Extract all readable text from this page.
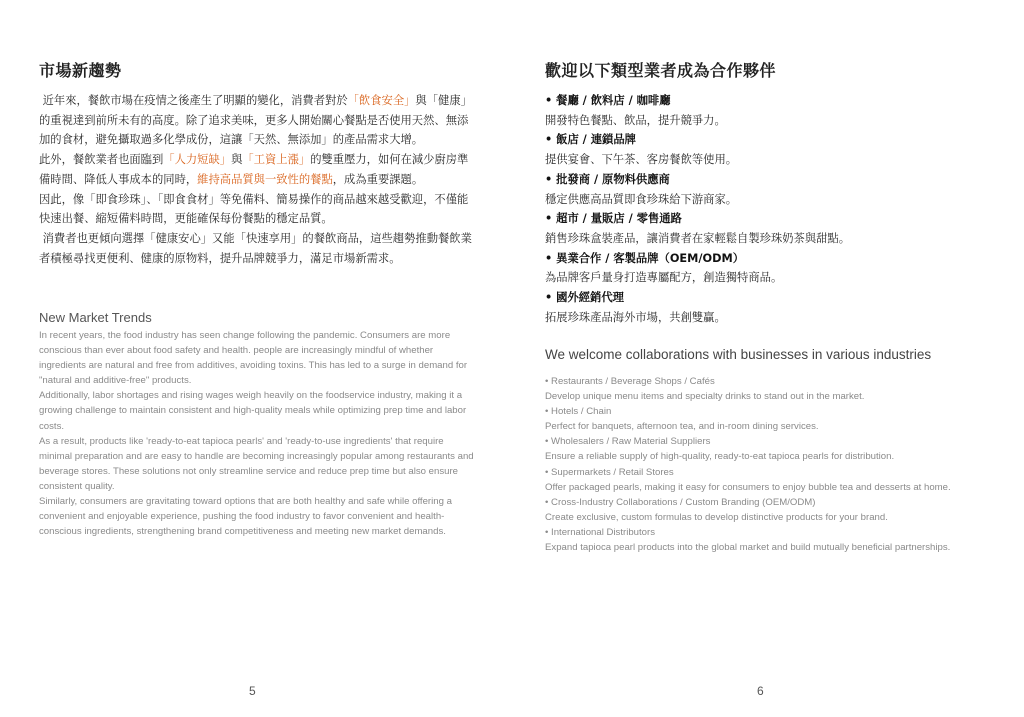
市場新趨勢

近年來，餐飲市場在疫情之後產生了明顯的變化，消費者對於「飲食安全」與「健康」的重視達到前所未有的高度。除了追求美味，更多人開始關心餐點是否使用天然、無添加的食材，避免攝取過多化學成份，這讓「天然、無添加」的產品需求大增。

此外，餐飲業者也面臨到「人力短缺」與「工資上漲」的雙重壓力，如何在減少廚房準備時間、降低人事成本的同時，維持高品質與一致性的餐點，成為重要課題。

因此，像「即食珍珠」、「即食食材」等免備料、簡易操作的商品越來越受歡迎，不僅能快速出餐、縮短備料時間，更能確保每份餐點的穩定品質。

消費者也更傾向選擇「健康安心」又能「快速享用」的餐飲商品，這些趨勢推動餐飲業者積極尋找更便利、健康的原物料，提升品牌競爭力，滿足市場新需求。

New Market Trends

In recent years, the food industry has seen change following the pandemic. Consumers are more conscious than ever about food safety and health. people are increasingly mindful of whether ingredients are natural and free from additives, avoiding toxins. This has led to a surge in demand for "natural and additive-free" products.

Additionally, labor shortages and rising wages weigh heavily on the foodservice industry, making it a growing challenge to maintain consistent and high-quality meals while optimizing prep time and labor costs.

As a result, products like 'ready-to-eat tapioca pearls' and 'ready-to-use ingredients' that require minimal preparation and are easy to handle are becoming increasingly popular among restaurants and beverage stores. These solutions not only streamline service and reduce prep time but also ensure consistent quality.

Similarly, consumers are gravitating toward options that are both healthy and safe while offering a convenient and enjoyable experience, pushing the food industry to favor convenient and health-conscious ingredients, strengthening brand competitiveness and meeting new market demands.

5
歡迎以下類型業者成為合作夥伴
• 餐廳 / 飲料店 / 咖啡廳
開發特色餐點、飲品，提升競爭力。
• 飯店 / 連鎖品牌
提供宴會、下午茶、客房餐飲等使用。
• 批發商 / 原物料供應商
穩定供應高品質即食珍珠給下游商家。
• 超市 / 量販店 / 零售通路
銷售珍珠盒裝產品，讓消費者在家輕鬆自製珍珠奶茶與甜點。
• 異業合作 / 客製品牌（OEM/ODM）
為品牌客戶量身打造專屬配方，創造獨特商品。
• 國外經銷代理
拓展珍珠產品海外市場，共創雙贏。
We welcome collaborations with businesses in various industries
• Restaurants / Beverage Shops / Cafés
Develop unique menu items and specialty drinks to stand out in the market.
• Hotels / Chain
Perfect for banquets, afternoon tea, and in-room dining services.
• Wholesalers / Raw Material Suppliers
Ensure a reliable supply of high-quality, ready-to-eat tapioca pearls for distribution.
• Supermarkets / Retail Stores
Offer packaged pearls, making it easy for consumers to enjoy bubble tea and desserts at home.
• Cross-Industry Collaborations / Custom Branding (OEM/ODM)
Create exclusive, custom formulas to develop distinctive products for your brand.
• International Distributors
Expand tapioca pearl products into the global market and build mutually beneficial partnerships.
6
